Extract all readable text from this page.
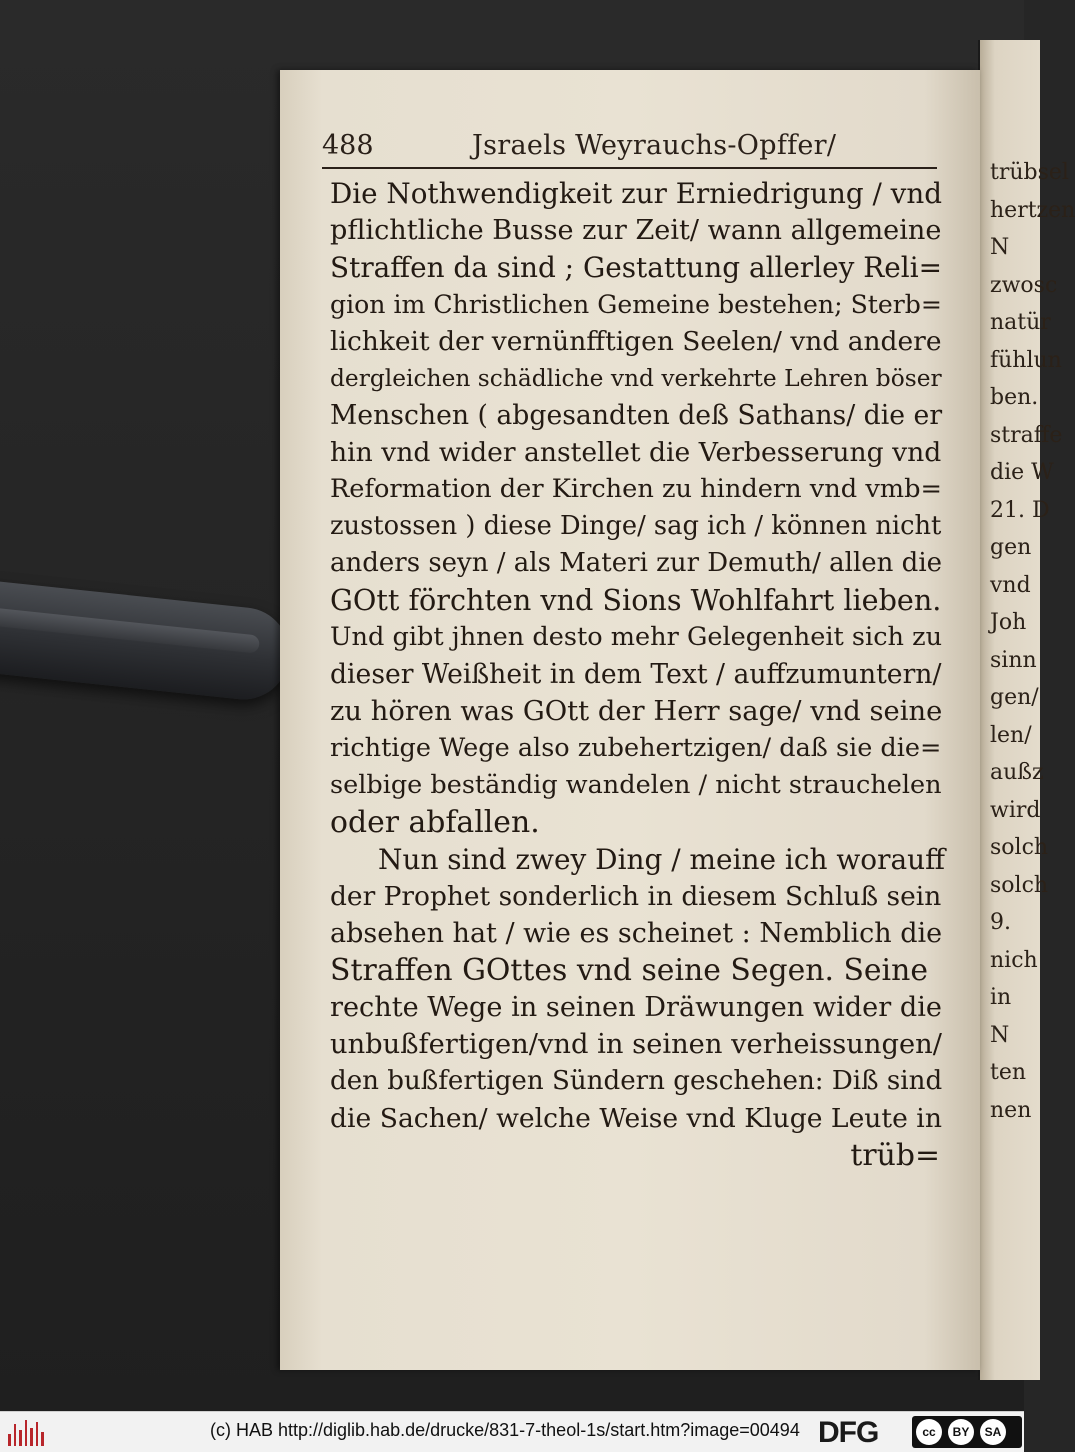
trübsel
hertzen
N
zwosc
natür
fühlun
ben.
straffe
die W
21. D
gen
vnd
Joh
sinn
gen/
len/
außz
wird
solch
solch
9.
nich
in
N
ten
nen
488	Jsraels Weyrauchs-Opffer/
Die Nothwendigkeit zur Erniedrigung / vnd
pflichtliche Busse zur Zeit/ wann allgemeine
Straffen da sind ; Gestattung allerley Reli=
gion im Christlichen Gemeine bestehen; Sterb=
lichkeit der vernünfftigen Seelen/ vnd andere
dergleichen schädliche vnd verkehrte Lehren böser
Menschen ( abgesandten deß Sathans/ die er
hin vnd wider anstellet die Verbesserung vnd
Reformation der Kirchen zu hindern vnd vmb=
zustossen ) diese Dinge/ sag ich / können nicht
anders seyn / als Materi zur Demuth/ allen die
GOtt förchten vnd Sions Wohlfahrt lieben.
Und gibt jhnen desto mehr Gelegenheit sich zu
dieser Weißheit in dem Text / auffzumuntern/
zu hören was GOtt der Herr sage/ vnd seine
richtige Wege also zubehertzigen/ daß sie die=
selbige beständig wandelen / nicht strauchelen
oder abfallen.
Nun sind zwey Ding / meine ich worauff
der Prophet sonderlich in diesem Schluß sein
absehen hat / wie es scheinet : Nemblich die
Straffen GOttes vnd seine Segen. Seine
rechte Wege in seinen Dräwungen wider die
unbußfertigen/vnd in seinen verheissungen/
den bußfertigen Sündern geschehen: Diß sind
die Sachen/ welche Weise vnd Kluge Leute in
trüb=
(c) HAB http://diglib.hab.de/drucke/831-7-theol-1s/start.htm?image=00494 DFG	cc	BY	SA
